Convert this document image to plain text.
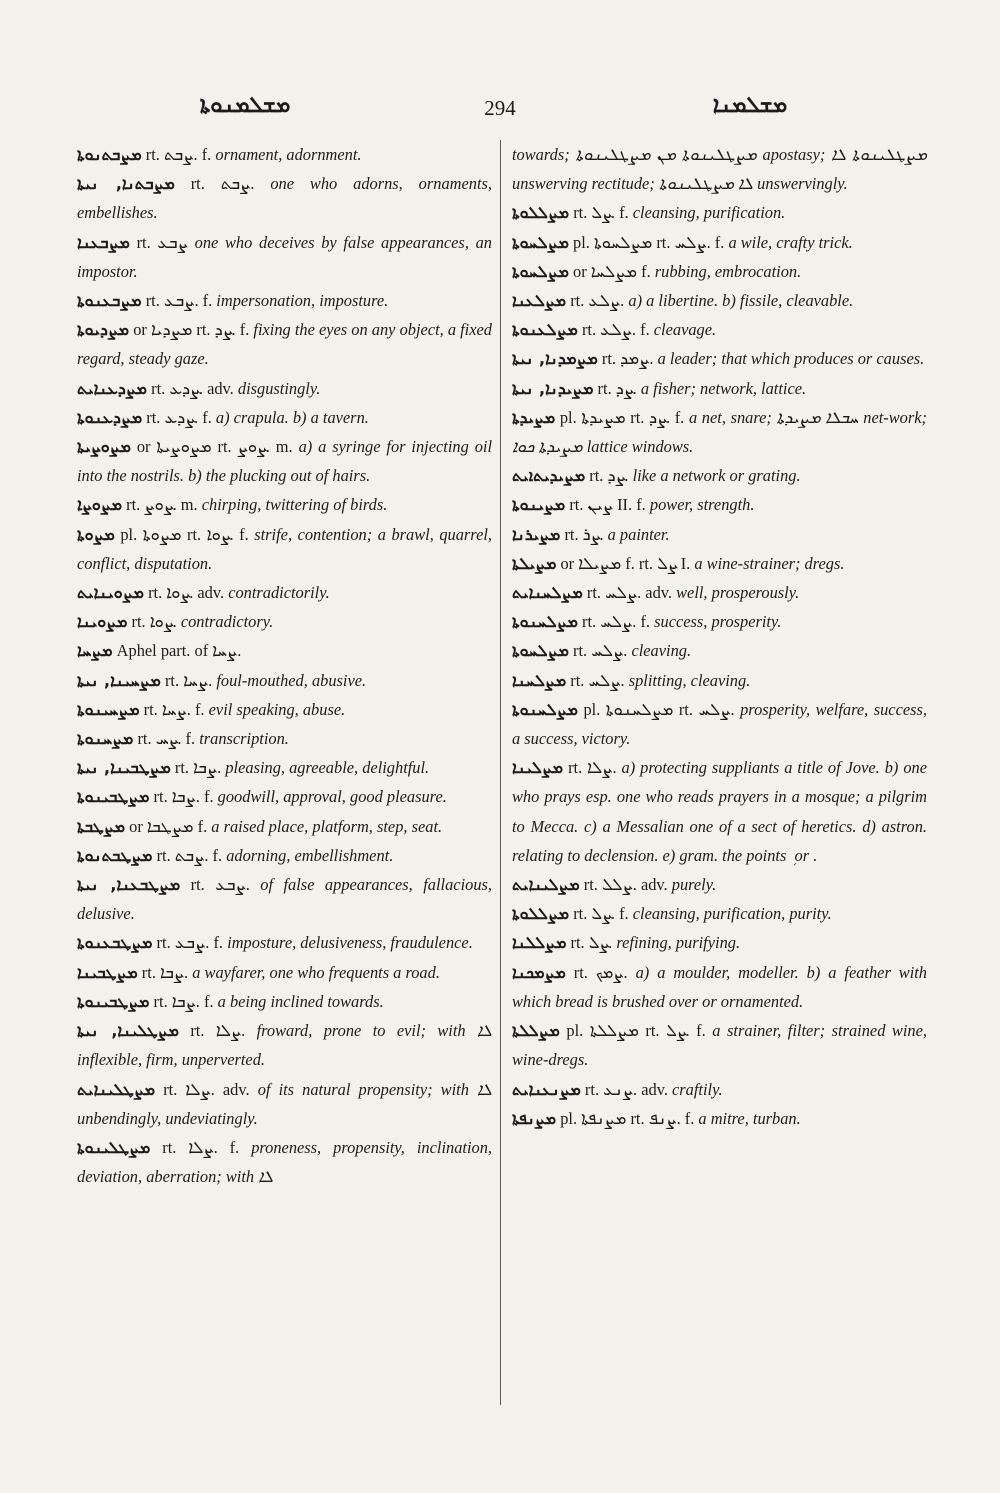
ܡܫܠܡܢܘܬܐ	294	ܡܫܠܡܢܐ

ܡܨܒܬܢܘܬܐ rt. ܨܒܬ. f. ornament, adornment.

ܡܨܒܬܢܐ, ܢܝܬܐ rt. ܨܒܬ. one who adorns, ornaments, embellishes.

ܡܨܒܥܢܐ rt. ܨܒܥ one who deceives by false appearances, an impostor.

ܡܨܒܥܢܘܬܐ rt. ܨܒܥ. f. impersonation, imposture.

ܡܨܕܝܘܬܐ or ܡܨܕܝܐ rt. ܨܕ. f. fixing the eyes on any object, a fixed regard, steady gaze.

ܡܨܕܥܢܐܝܬ rt. ܨܕܥ. adv. disgustingly.

ܡܨܕܥܢܘܬܐ rt. ܨܕܥ. f. a) crapula. b) a tavern.

ܡܨܘܨܝܬܐ or ܡܨܘܨܝܬܐ rt. ܨܘܨ. m. a) a syringe for injecting oil into the nostrils. b) the plucking out of hairs.

ܡܨܘܨܐ rt. ܨܘܨ. m. chirping, twittering of birds.

ܡܨܘܬܐ pl. ܡܨܘܬܐ rt. ܨܘܐ. f. strife, contention; a brawl, quarrel, conflict, disputation.

ܡܨܘܝܢܐܝܬ rt. ܨܘܐ. adv. contradictorily.

ܡܨܘܝܢܐ rt. ܨܘܐ. contradictory.

ܡܨܚܐ Aphel part. of ܨܚܐ.

ܡܨܚܝܢܐ, ܢܝܬܐ rt. ܨܚܐ. foul-mouthed, abusive.

ܡܨܚܝܢܘܬܐ rt. ܨܚܐ. f. evil speaking, abuse.

ܡܨܚܢܘܬܐ rt. ܨܚ. f. transcription.

ܡܨܛܒܝܢܐ, ܢܝܬܐ rt. ܨܒܐ. pleasing, agreeable, delightful.

ܡܨܛܒܝܢܘܬܐ rt. ܨܒܐ. f. goodwill, approval, good pleasure.

ܡܨܛܒܬܐ or ܡܨܛܒܐ f. a raised place, platform, step, seat.

ܡܨܛܒܬܢܘܬܐ rt. ܨܒܬ. f. adorning, embellishment.

ܡܨܛܒܥܢܐ, ܢܝܬܐ rt. ܨܒܥ. of false appearances, fallacious, delusive.

ܡܨܛܒܥܢܘܬܐ rt. ܨܒܥ. f. imposture, delusiveness, fraudulence.

ܡܨܛܒܝܢܐ rt. ܨܒܐ. a wayfarer, one who frequents a road.

ܡܨܛܒܝܢܘܬܐ rt. ܨܒܐ. f. a being inclined towards.

ܡܨܛܠܝܢܐ, ܢܝܬܐ rt. ܨܠܐ. froward, prone to evil; with ܠܐ inflexible, firm, unperverted.

ܡܨܛܠܝܢܐܝܬ rt. ܨܠܐ. adv. of its natural propensity; with ܠܐ unbendingly, undeviatingly.

ܡܨܛܠܝܢܘܬܐ rt. ܨܠܐ. f. proneness, propensity, inclination, deviation, aberration; with ܠܐ

towards; ܡܨܛܠܝܢܘܬܐ ܡܢ ܡܨܛܠܝܢܘܬܐ apostasy; ܡܨܛܠܝܢܘܬܐ ܠܐ unswerving rectitude; ܠܐ ܡܨܛܠܝܢܘܬܐ unswervingly.

ܡܨܠܠܘܬܐ rt. ܨܠ. f. cleansing, purification.

ܡܨܠܚܘܬܐ pl. ܡܨܠܚܘܬܐ rt. ܨܠܚ. f. a wile, crafty trick.

ܡܨܠܚܘܬܐ or ܡܨܠܚܐ f. rubbing, embrocation.

ܡܨܠܥܢܐ rt. ܨܠܥ. a) a libertine. b) fissile, cleavable.

ܡܨܠܥܢܘܬܐ rt. ܨܠܥ. f. cleavage.

ܡܨܡܕܢܐ, ܢܝܬܐ rt. ܨܡܕ. a leader; that which produces or causes.

ܡܨܝܕܢܐ, ܢܝܬܐ rt. ܨܕ. a fisher; network, lattice.

ܡܨܝܕܬܐ pl. ܡܨܝܕܬܐ rt. ܨܕ. f. a net, snare; ܚܒܠܐ ܡܨܝܕܬܐ net-work; ܡܨܝܕܬܐ ܟܘܐ lattice windows.

ܡܨܝܕܝܬܐܝܬ rt. ܨܕ. like a network or grating.

ܡܨܝܢܘܬܐ rt. ܨܝܢ II. f. power, strength.

ܡܨܝܪܢܐ rt. ܨܪ. a painter.

ܡܨܝܠܬܐ or ܡܨܝܠܐ f. rt. ܨܠ I. a wine-strainer; dregs.

ܡܨܠܚܢܐܝܬ rt. ܨܠܚ. adv. well, prosperously.

ܡܨܠܚܢܘܬܐ rt. ܨܠܚ. f. success, prosperity.

ܡܨܠܚܘܬܐ rt. ܨܠܚ. cleaving.

ܡܨܠܚܢܐ rt. ܨܠܚ. splitting, cleaving.

ܡܨܠܚܢܘܬܐ pl. ܡܨܠܚܢܘܬܐ rt. ܨܠܚ. prosperity, welfare, success, a success, victory.

ܡܨܠܝܢܐ rt. ܨܠܐ. a) protecting suppliants a title of Jove. b) one who prays esp. one who reads prayers in a mosque; a pilgrim to Mecca. c) a Messalian one of a sect of heretics. d) astron. relating to declension. e) gram. the points ܼ or .

ܡܨܠܝܢܐܝܬ rt. ܨܠܠ. adv. purely.

ܡܨܠܠܘܬܐ rt. ܨܠ. f. cleansing, purification, purity.

ܡܨܠܠܢܐ rt. ܨܠ. refining, purifying.

ܡܨܡܟܢܐ rt. ܨܡܟ. a) a moulder, modeller. b) a feather with which bread is brushed over or ornamented.

ܡܨܠܠܬܐ pl. ܡܨܠܠܬܐ rt. ܨܠ. f. a strainer, filter; strained wine, wine-dregs.

ܡܨܢܥܢܐܝܬ rt. ܨܢܥ. adv. craftily.

ܡܨܢܦܬܐ pl. ܡܨܢܦܬܐ rt. ܨܢܦ. f. a mitre, turban.
